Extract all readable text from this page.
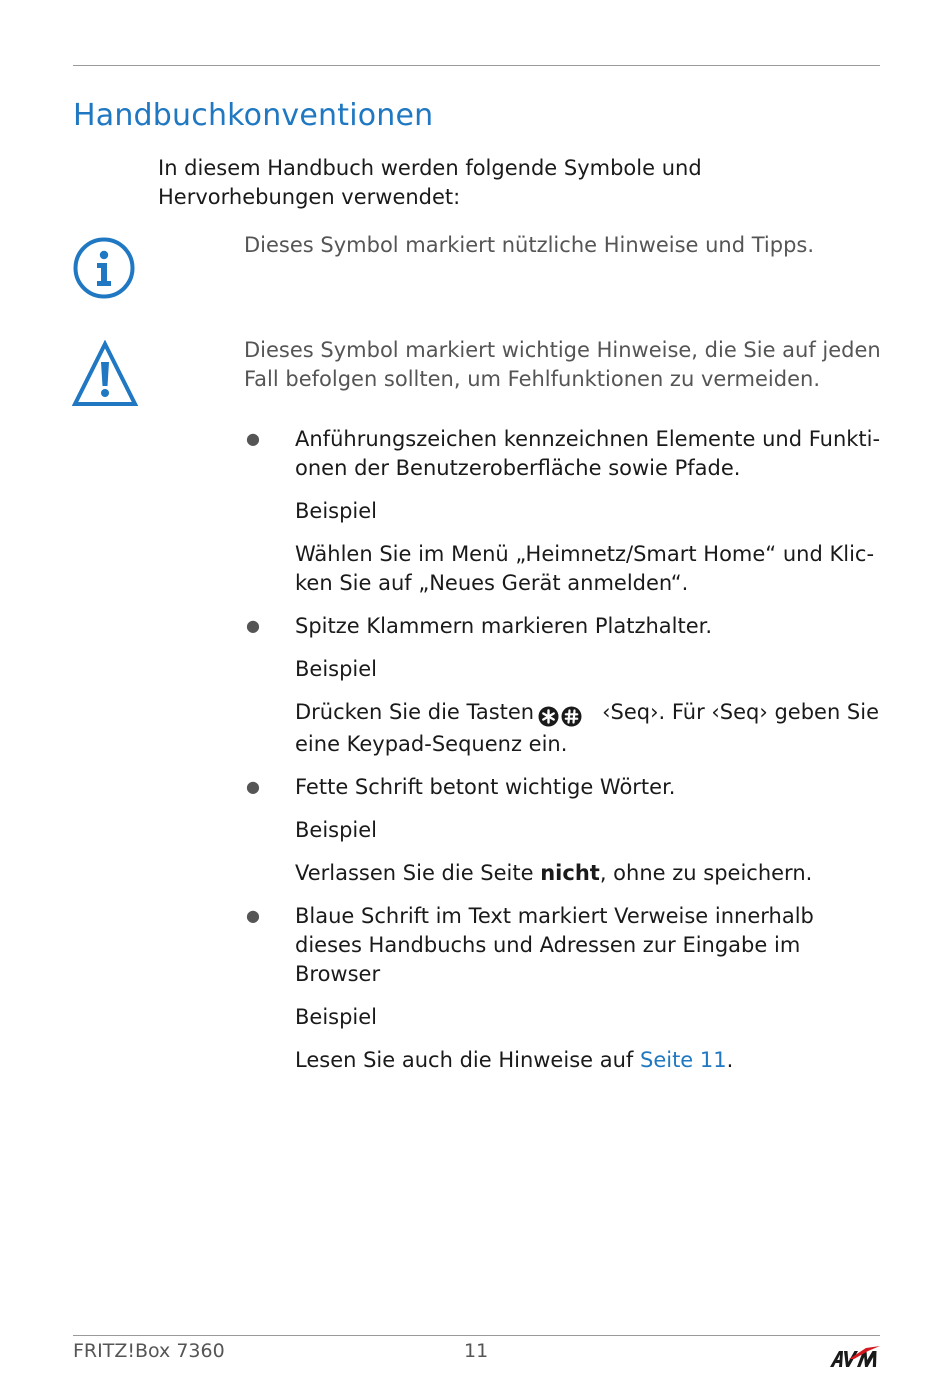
Handbuchkonventionen

In diesem Handbuch werden folgende Symbole und Hervorhebungen verwendet:

Dieses Symbol markiert nützliche Hinweise und Tipps.

Dieses Symbol markiert wichtige Hinweise, die Sie auf jeden Fall befolgen sollten, um Fehlfunktionen zu vermeiden.

● Anführungszeichen kennzeichnen Elemente und Funktionen der Benutzeroberfläche sowie Pfade.

Beispiel

Wählen Sie im Menü „Heimnetz/Smart Home“ und Klicken Sie auf „Neues Gerät anmelden“.

● Spitze Klammern markieren Platzhalter.

Beispiel

Drücken Sie die Tasten	‹Seq›. Für ‹Seq› geben Sie eine Keypad-Sequenz ein.

● Fette Schrift betont wichtige Wörter.

Beispiel

Verlassen Sie die Seite nicht, ohne zu speichern.

● Blaue Schrift im Text markiert Verweise innerhalb dieses Handbuchs und Adressen zur Eingabe im Browser

Beispiel

Lesen Sie auch die Hinweise auf Seite 11.

FRITZ!Box 7360	11
